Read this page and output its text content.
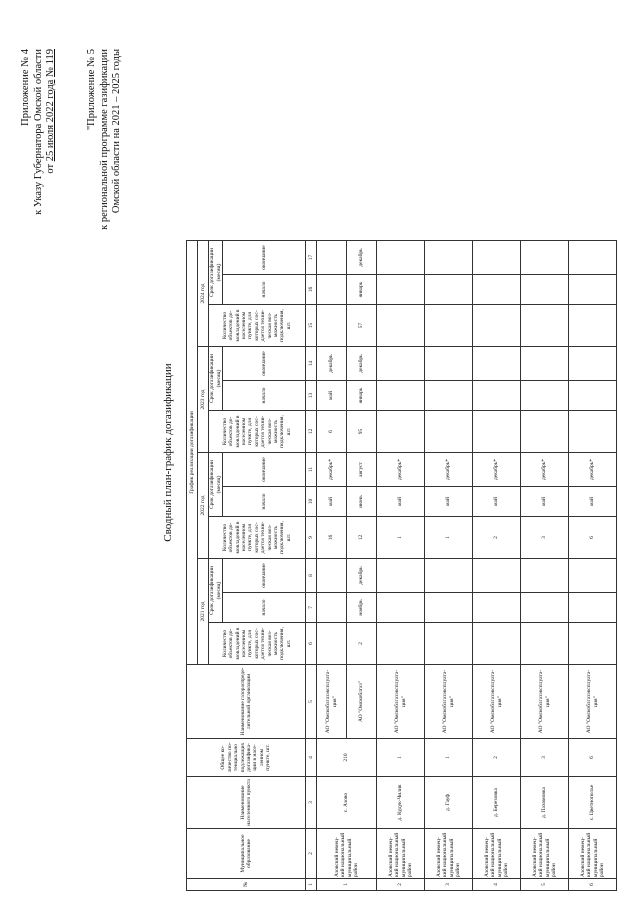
Приложение № 4 к Указу Губернатора Омской области от 25 июля 2022 года № 119	"Приложение № 5 к региональной программе газификации Омской области на 2021 – 2025 годы
Сводный план-график догазификации
№	Муниципальное образование	Наименование населенного пункта	Общее ко-личество по-тенциально подлежащих догазифика-ции в насе-ленном пункте, шт.	Наименование газораспреде-лительной организации	График реализации догазификации											
					2021 год			2022 год			2023 год			2024 год		
					Количество объектов до-мовладений в населенном пункте, для которых сос-дается техни-ческая воз-можность подключения, шт.	Срок догазификации (месяц)		Количество объектов до-мовладений в населенном пункте, для которых сос-дается техни-ческая воз-можность подключения, шт.	Срок догазификации (месяц)		Количество объектов до-мовладений в населенном пункте, для которых сос-дается техни-ческая воз-можность подключения, шт.	Срок догазификации (месяц)		Количество объектов до-мовладений в населенном пункте, для которых сос-дается техни-ческая воз-можность подключения, шт.	Срок догазификации (месяц)	
						начало	окончание		начало	окончание		начало	окончание		начало	окончание
1	2	3	4	5	6	7	8	9	10	11	12	13	14	15	16	17
1	Азовский немец-кий национальный муниципальный район	с. Азово	210	АО "Омскоблгазэксплуата-ция"				16	май	декабрь*	6	май	декабрь			
				АО "Омскоблгаз"	2	ноябрь	декабрь	12	июнь	август	95	январь	декабрь	57	январь	декабрь
2	Азовский немец-кий национальный муниципальный район	д. Кудук-Чилик	1	АО "Омскоблгазэксплуата-ция"				1	май	декабрь*						
3	Азовский немец-кий национальный муниципальный район	д. Гауф	1	АО "Омскоблгазэксплуата-ция"				1	май	декабрь*						
4	Азовский немец-кий национальный муниципальный район	д. Березовка	2	АО "Омскоблгазэксплуата-ция"				2	май	декабрь*						
5	Азовский немец-кий национальный муниципальный район	д. Пахомовка	3	АО "Омскоблгазэксплуата-ция"				3	май	декабрь*						
6	Азовский немец-кий национальный муниципальный район	с. Цветнополье	6	АО "Омскоблгазэксплуата-ция"				6	май	декабрь*						
